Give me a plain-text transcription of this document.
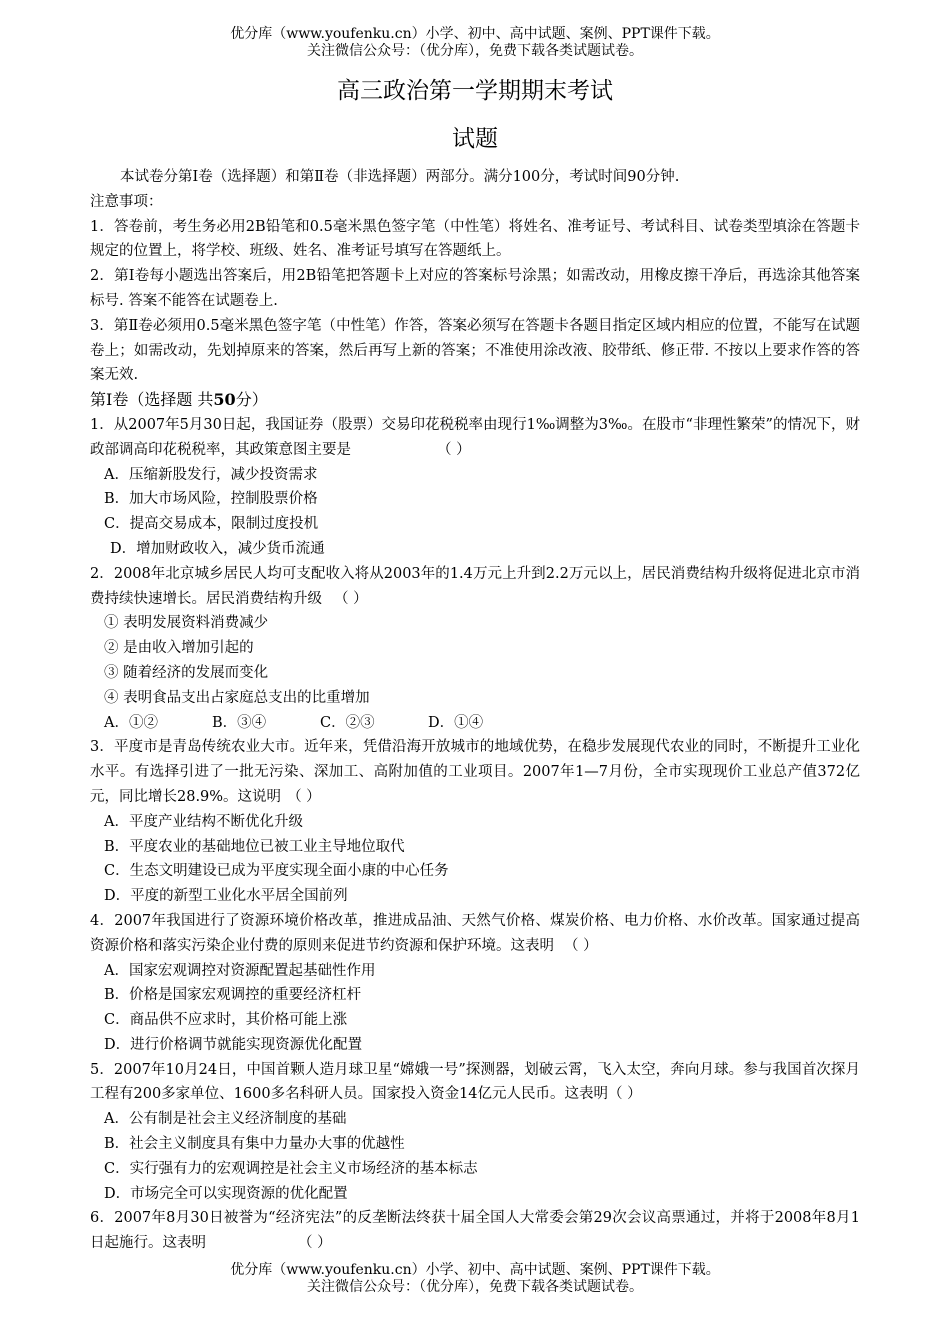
优分库（www.youfenku.cn）小学、初中、高中试题、案例、PPT课件下载。
关注微信公众号：（优分库），免费下载各类试题试卷。
高三政治第一学期期末考试
试题

本试卷分第Ⅰ卷（选择题）和第Ⅱ卷（非选择题）两部分。满分100分，考试时间90分钟.

注意事项：

1．答卷前，考生务必用2B铅笔和0.5毫米黑色签字笔（中性笔）将姓名、准考证号、考试科目、试卷类型填涂在答题卡规定的位置上，将学校、班级、姓名、准考证号填写在答题纸上。

2．第Ⅰ卷每小题选出答案后，用2B铅笔把答题卡上对应的答案标号涂黑；如需改动，用橡皮擦干净后，再选涂其他答案标号. 答案不能答在试题卷上.

3．第Ⅱ卷必须用0.5毫米黑色签字笔（中性笔）作答，答案必须写在答题卡各题目指定区域内相应的位置，不能写在试题卷上；如需改动，先划掉原来的答案，然后再写上新的答案；不准使用涂改液、胶带纸、修正带. 不按以上要求作答的答案无效.

第Ⅰ卷（选择题 共50分）

1．从2007年5月30日起，我国证券（股票）交易印花税税率由现行1‰调整为3‰。在股市“非理性繁荣”的情况下，财政部调高印花税税率，其政策意图主要是	（ ）

A．压缩新股发行，减少投资需求

B．加大市场风险，控制股票价格

C．提高交易成本，限制过度投机

D．增加财政收入，减少货币流通

2．2008年北京城乡居民人均可支配收入将从2003年的1.4万元上升到2.2万元以上，居民消费结构升级将促进北京市消费持续快速增长。居民消费结构升级 （ ）

① 表明发展资料消费减少

② 是由收入增加引起的

③ 随着经济的发展而变化

④ 表明食品支出占家庭总支出的比重增加

A．①②	B．③④	C．②③	D．①④

3．平度市是青岛传统农业大市。近年来，凭借沿海开放城市的地域优势，在稳步发展现代农业的同时，不断提升工业化水平。有选择引进了一批无污染、深加工、高附加值的工业项目。2007年1—7月份，全市实现现价工业总产值372亿元，同比增长28.9%。这说明 （ ）

A．平度产业结构不断优化升级

B．平度农业的基础地位已被工业主导地位取代

C．生态文明建设已成为平度实现全面小康的中心任务

D．平度的新型工业化水平居全国前列

4．2007年我国进行了资源环境价格改革，推进成品油、天然气价格、煤炭价格、电力价格、水价改革。国家通过提高资源价格和落实污染企业付费的原则来促进节约资源和保护环境。这表明 （ ）

A．国家宏观调控对资源配置起基础性作用

B．价格是国家宏观调控的重要经济杠杆

C．商品供不应求时，其价格可能上涨

D．进行价格调节就能实现资源优化配置

5．2007年10月24日，中国首颗人造月球卫星“嫦娥一号”探测器，划破云霄，飞入太空，奔向月球。参与我国首次探月工程有200多家单位、1600多名科研人员。国家投入资金14亿元人民币。这表明（ ）

A．公有制是社会主义经济制度的基础

B．社会主义制度具有集中力量办大事的优越性

C．实行强有力的宏观调控是社会主义市场经济的基本标志

D．市场完全可以实现资源的优化配置

6．2007年8月30日被誉为“经济宪法”的反垄断法终获十届全国人大常委会第29次会议高票通过，并将于2008年8月1日起施行。这表明	（ ）

优分库（www.youfenku.cn）小学、初中、高中试题、案例、PPT课件下载。
关注微信公众号：（优分库），免费下载各类试题试卷。
